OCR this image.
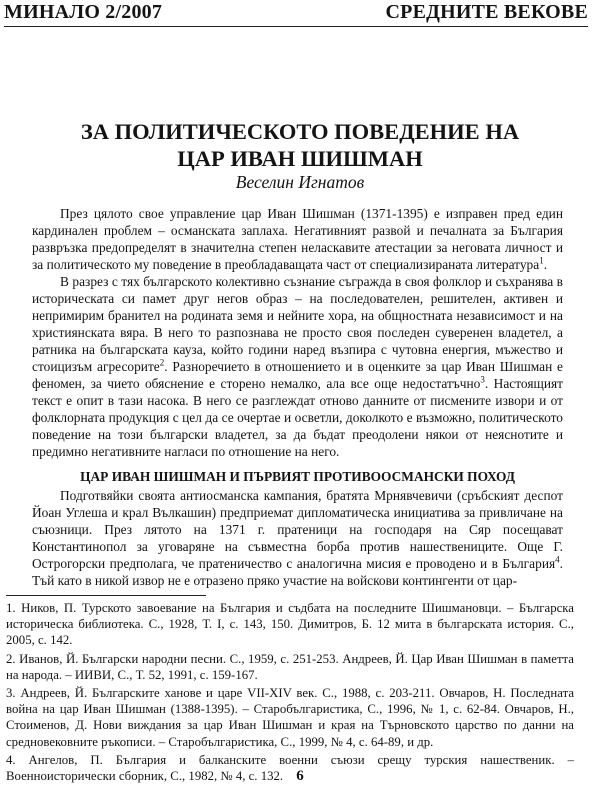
МИНАЛО 2/2007	СРЕДНИТЕ ВЕКОВЕ
ЗА ПОЛИТИЧЕСКОТО ПОВЕДЕНИЕ НА
ЦАР ИВАН ШИШМАН

Веселин Игнатов

През цялото свое управление цар Иван Шишман (1371-1395) е изправен пред един кардинален проблем – османската заплаха. Негативният развой и печалната за България развръзка предопределят в значителна степен нелaскавите атестации за неговата личност и за политическото му поведение в преобладаващата част от специализираната литература$^1$.

В разрез с тях българското колективно съзнание съгражда в своя фолклор и съхранява в историческата си памет друг негов образ – на последователен, решителен, активен и непримирим бранител на родината земя и нейните хора, на общностната независимост и на християнската вяра. В него то разпознава не просто своя последен суверенен владетел, а ратника на българската кауза, който години наред възпира с чутовна енергия, мъжество и стоицизъм агресорите$^2$. Разноречието в отношението и в оценките за цар Иван Шишман е феномен, за чието обяснение е сторено немалко, ала все още недостатъчно$^3$. Настоящият текст е опит в тази насока. В него се разглеждат отново данните от писмените извори и от фолклорната продукция с цел да се очертае и осветли, доколкото е възможно, политическото поведение на този български владетел, за да бъдат преодолени някои от неяснотите и предимно негативните нагласи по отношение на него.

ЦАР ИВАН ШИШМАН И ПЪРВИЯТ ПРОТИВООСМАНСКИ ПОХОД

Подготвяйки своята антиосманска кампания, братята Мрнявчевичи (сръбският деспот Йоан Углеша и крал Вълкашин) предприемат дипломатическа инициатива за привличане на съюзници. През лятото на 1371 г. пратеници на господаря на Сяр посещават Константинопол за уговаряне на съвместна борба против нашествениците. Още Г. Острогорски предполага, че пратеничество с аналогична мисия е проводено и в България$^4$. Тъй като в никой извор не е отразено пряко участие на войскови контингенти от цар-

1. Ников, П. Турското завоевание на България и съдбата на последните Шишмановци. – Българска историческа библиотека. С., 1928, Т. I, с. 143, 150. Димитров, Б. 12 мита в българската история. С., 2005, с. 142.

2. Иванов, Й. Български народни песни. С., 1959, с. 251-253. Андреев, Й. Цар Иван Шишман в паметта на народа. – ИИВИ, С., Т. 52, 1991, с. 159-167.

3. Андреев, Й. Българските ханове и царе VII-XIV век. С., 1988, с. 203-211. Овчаров, Н. Последната война на цар Иван Шишман (1388-1395). – Старобългаристика, С., 1996, № 1, с. 62-84. Овчаров, Н., Стоименов, Д. Нови виждания за цар Иван Шишман и края на Търновското царство по данни на средновековните ръкописи. – Старобългаристика, С., 1999, № 4, с. 64-89, и др.

4. Ангелов, П. България и балканските военни съюзи срещу турския нашественик. – Военноисторически сборник, С., 1982, № 4, с. 132. 6
